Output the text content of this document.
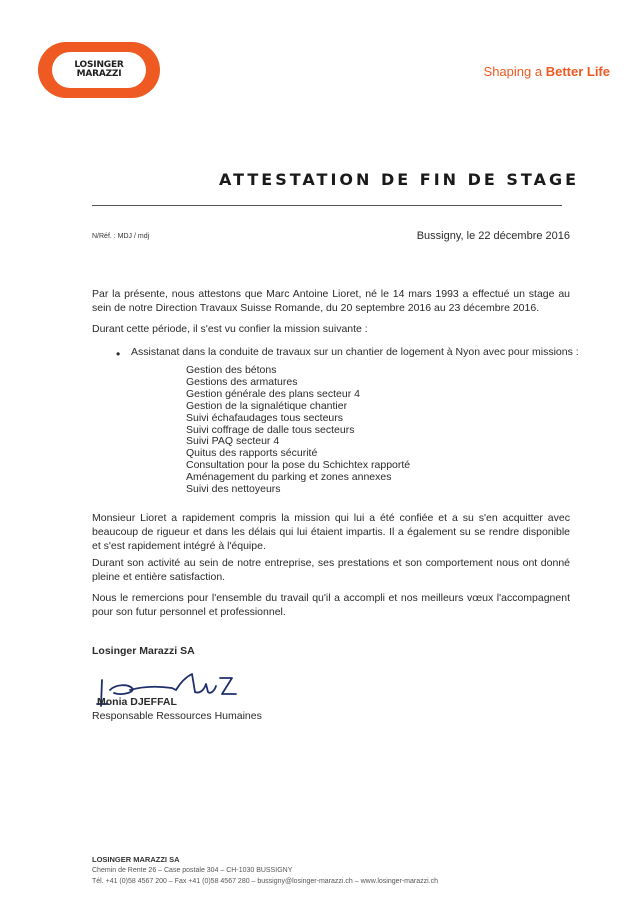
LOSINGER
MARAZZI	Shaping a Better Life
ATTESTATION DE FIN DE STAGE
N/Réf. : MDJ / mdj	Bussigny, le 22 décembre 2016
Par la présente, nous attestons que Marc Antoine Lioret, né le 14 mars 1993 a effectué un stage au sein de notre Direction Travaux Suisse Romande, du 20 septembre 2016 au 23 décembre 2016.
Durant cette période, il s'est vu confier la mission suivante :
• Assistanat dans la conduite de travaux sur un chantier de logement à Nyon avec pour missions :
Gestion des bétons
Gestions des armatures
Gestion générale des plans secteur 4
Gestion de la signalétique chantier
Suivi échafaudages tous secteurs
Suivi coffrage de dalle tous secteurs
Suivi PAQ secteur 4
Quitus des rapports sécurité
Consultation pour la pose du Schichtex rapporté
Aménagement du parking et zones annexes
Suivi des nettoyeurs
Monsieur Lioret a rapidement compris la mission qui lui a été confiée et a su s'en acquitter avec beaucoup de rigueur et dans les délais qui lui étaient impartis. Il a également su se rendre disponible et s'est rapidement intégré à l'équipe.
Durant son activité au sein de notre entreprise, ses prestations et son comportement nous ont donné pleine et entière satisfaction.
Nous le remercions pour l'ensemble du travail qu'il a accompli et nos meilleurs vœux l'accompagnent pour son futur personnel et professionnel.
Losinger Marazzi SA
Monia DJEFFAL
Responsable Ressources Humaines
LOSINGER MARAZZI SA
Chemin de Rente 26 – Case postale 304 – CH-1030 BUSSIGNY
Tél. +41 (0)58 4567 200 – Fax +41 (0)58 4567 280 – bussigny@losinger-marazzi.ch – www.losinger-marazzi.ch
